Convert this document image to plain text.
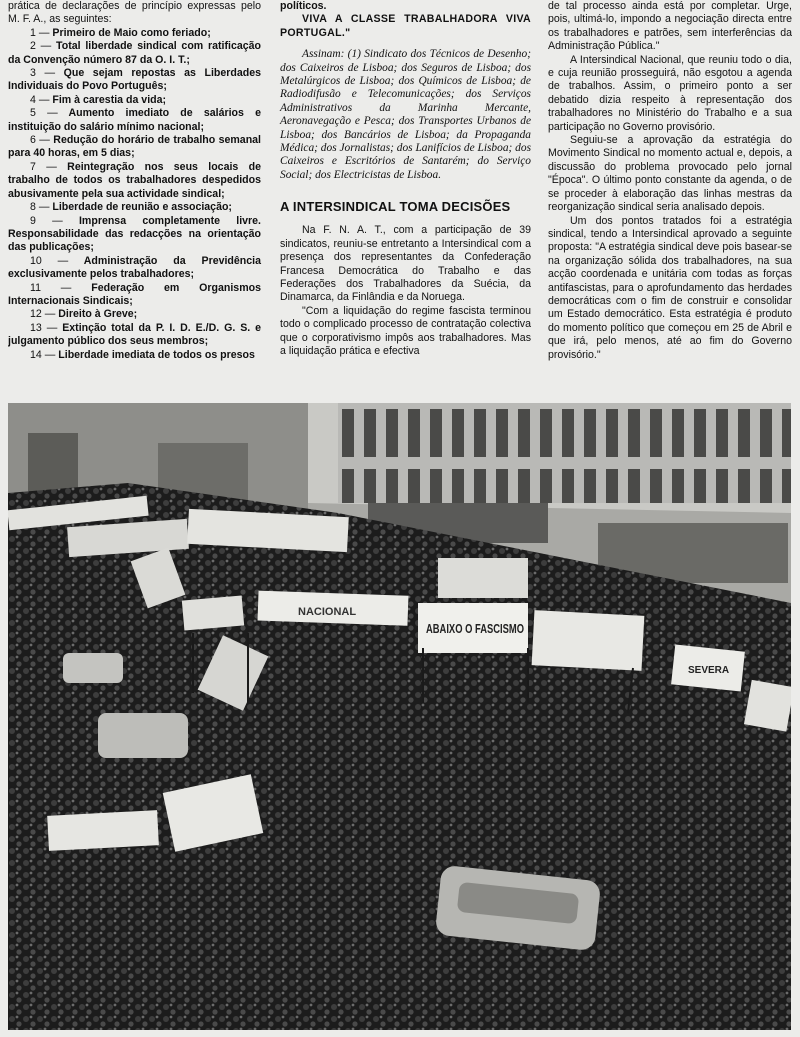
prática de declarações de princípio expressas pelo M. F. A., as seguintes:

1 — Primeiro de Maio como feriado;

2 — Total liberdade sindical com ratificação da Convenção número 87 da O. I. T.;

3 — Que sejam repostas as Liberdades Individuais do Povo Português;

4 — Fim à carestia da vida;

5 — Aumento imediato de salários e instituição do salário mínimo nacional;

6 — Redução do horário de trabalho semanal para 40 horas, em 5 dias;

7 — Reintegração nos seus locais de trabalho de todos os trabalhadores despedidos abusivamente pela sua actividade sindical;

8 — Liberdade de reunião e associação;

9 — Imprensa completamente livre. Responsabilidade das redacções na orientação das publicações;

10 — Administração da Previdência exclusivamente pelos trabalhadores;

11 — Federação em Organismos Internacionais Sindicais;

12 — Direito à Greve;

13 — Extinção total da P. I. D. E./D. G. S. e julgamento público dos seus membros;

14 — Liberdade imediata de todos os presos

políticos.

VIVA A CLASSE TRABALHADORA VIVA PORTUGAL."

Assinam: (1) Sindicato dos Técnicos de Desenho; dos Caixeiros de Lisboa; dos Seguros de Lisboa; dos Metalúrgicos de Lisboa; dos Químicos de Lisboa; de Radiodifusão e Telecomunicações; dos Serviços Administrativos da Marinha Mercante, Aeronavegação e Pesca; dos Transportes Urbanos de Lisboa; dos Bancários de Lisboa; da Propaganda Médica; dos Jornalistas; dos Lanifícios de Lisboa; dos Caixeiros e Escritórios de Santarém; do Serviço Social; dos Electricistas de Lisboa.

A INTERSINDICAL TOMA DECISÕES

Na F. N. A. T., com a participação de 39 sindicatos, reuniu-se entretanto a Intersindical com a presença dos representantes da Confederação Francesa Democrática do Trabalho e das Federações dos Trabalhadores da Suécia, da Dinamarca, da Finlândia e da Noruega.

"Com a liquidação do regime fascista terminou todo o complicado processo de contratação colectiva que o corporativismo impôs aos trabalhadores. Mas a liquidação prática e efectiva

de tal processo ainda está por completar. Urge, pois, ultimá-lo, impondo a negociação directa entre os trabalhadores e patrões, sem interferências da Administração Pública."

A Intersindical Nacional, que reuniu todo o dia, e cuja reunião prosseguirá, não esgotou a agenda de trabalhos. Assim, o primeiro ponto a ser debatido dizia respeito à representação dos trabalhadores no Ministério do Trabalho e a sua participação no Governo provisório.

Seguiu-se a aprovação da estratégia do Movimento Sindical no momento actual e, depois, a discussão do problema provocado pelo jornal "Época". O último ponto constante da agenda, o de se proceder à elaboração das linhas mestras da reorganização sindical seria analisado depois.

Um dos pontos tratados foi a estratégia sindical, tendo a Intersindical aprovado a seguinte proposta: "A estratégia sindical deve pois basear-se na organização sólida dos trabalhadores, na sua acção coordenada e unitária com todas as forças antifascistas, para o aprofundamento das herdades democráticas com o fim de construir e consolidar um Estado democrático. Esta estratégia é produto do momento político que começou em 25 de Abril e que irá, pelo menos, até ao fim do Governo provisório."

NACIONAL
ABAIXO O FASCISMO
SEVERA
